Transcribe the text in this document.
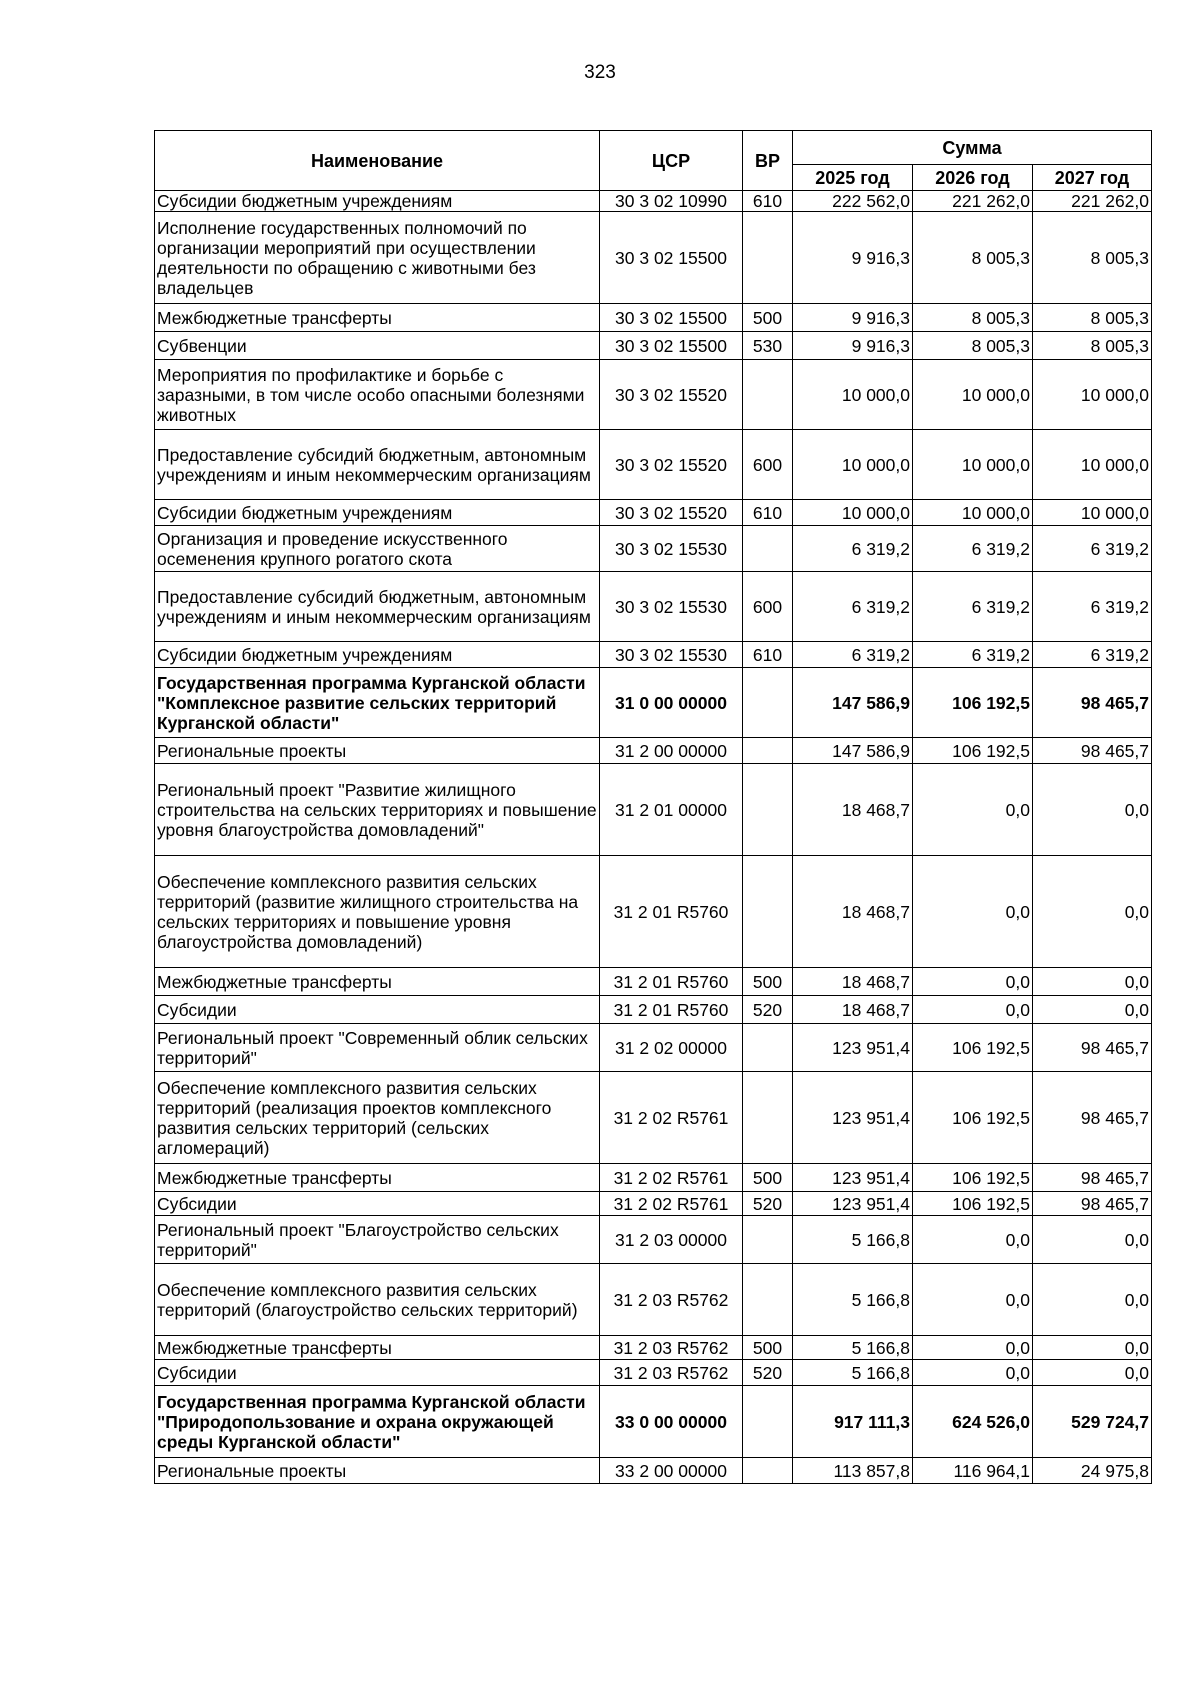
323
Наименование	ЦСР	ВР	Сумма		
			2025 год	2026 год	2027 год
Субсидии бюджетным учреждениям	30 3 02 10990	610	222 562,0	221 262,0	221 262,0
Исполнение государственных полномочий по организации мероприятий при осуществлении деятельности по обращению с животными без владельцев	30 3 02 15500		9 916,3	8 005,3	8 005,3
Межбюджетные трансферты	30 3 02 15500	500	9 916,3	8 005,3	8 005,3
Субвенции	30 3 02 15500	530	9 916,3	8 005,3	8 005,3
Мероприятия по профилактике и борьбе с заразными, в том числе особо опасными болезнями животных	30 3 02 15520		10 000,0	10 000,0	10 000,0
Предоставление субсидий бюджетным, автономным учреждениям и иным некоммерческим организациям	30 3 02 15520	600	10 000,0	10 000,0	10 000,0
Субсидии бюджетным учреждениям	30 3 02 15520	610	10 000,0	10 000,0	10 000,0
Организация и проведение искусственного осеменения крупного рогатого скота	30 3 02 15530		6 319,2	6 319,2	6 319,2
Предоставление субсидий бюджетным, автономным учреждениям и иным некоммерческим организациям	30 3 02 15530	600	6 319,2	6 319,2	6 319,2
Субсидии бюджетным учреждениям	30 3 02 15530	610	6 319,2	6 319,2	6 319,2
Государственная программа Курганской области "Комплексное развитие сельских территорий Курганской области"	31 0 00 00000		147 586,9	106 192,5	98 465,7
Региональные проекты	31 2 00 00000		147 586,9	106 192,5	98 465,7
Региональный проект "Развитие жилищного строительства на сельских территориях и повышение уровня благоустройства домовладений"	31 2 01 00000		18 468,7	0,0	0,0
Обеспечение комплексного развития сельских территорий (развитие жилищного строительства на сельских территориях и повышение уровня благоустройства домовладений)	31 2 01 R5760		18 468,7	0,0	0,0
Межбюджетные трансферты	31 2 01 R5760	500	18 468,7	0,0	0,0
Субсидии	31 2 01 R5760	520	18 468,7	0,0	0,0
Региональный проект "Современный облик сельских территорий"	31 2 02 00000		123 951,4	106 192,5	98 465,7
Обеспечение комплексного развития сельских территорий (реализация проектов комплексного развития сельских территорий (сельских агломераций)	31 2 02 R5761		123 951,4	106 192,5	98 465,7
Межбюджетные трансферты	31 2 02 R5761	500	123 951,4	106 192,5	98 465,7
Субсидии	31 2 02 R5761	520	123 951,4	106 192,5	98 465,7
Региональный проект "Благоустройство сельских территорий"	31 2 03 00000		5 166,8	0,0	0,0
Обеспечение комплексного развития сельских территорий (благоустройство сельских территорий)	31 2 03 R5762		5 166,8	0,0	0,0
Межбюджетные трансферты	31 2 03 R5762	500	5 166,8	0,0	0,0
Субсидии	31 2 03 R5762	520	5 166,8	0,0	0,0
Государственная программа Курганской области "Природопользование и охрана окружающей среды Курганской области"	33 0 00 00000		917 111,3	624 526,0	529 724,7
Региональные проекты	33 2 00 00000		113 857,8	116 964,1	24 975,8
